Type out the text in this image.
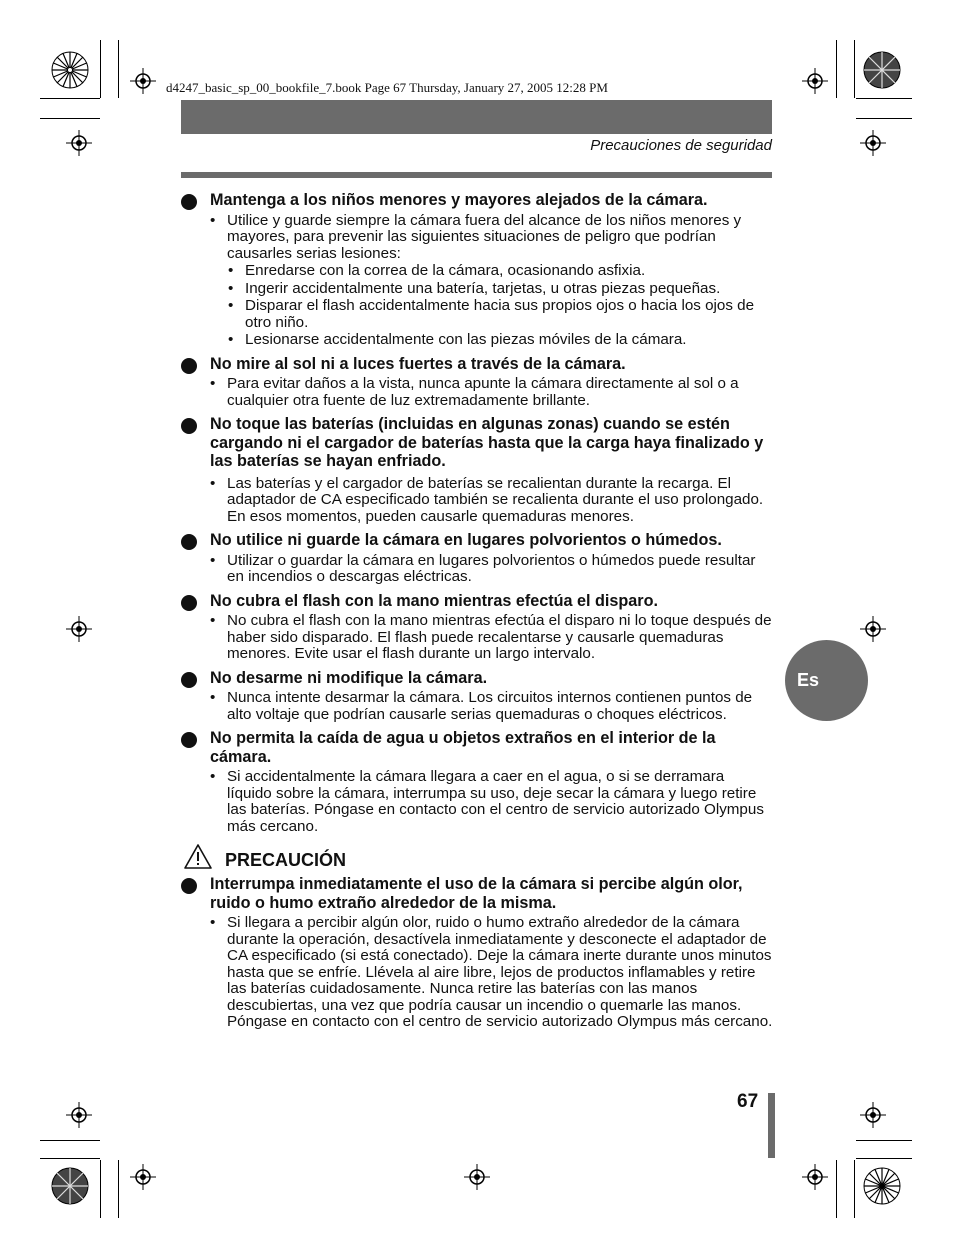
d4247_basic_sp_00_bookfile_7.book Page 67 Thursday, January 27, 2005 12:28 PM
Precauciones de seguridad
Mantenga a los niños menores y mayores alejados de la cámara.
• Utilice y guarde siempre la cámara fuera del alcance de los niños menores y mayores, para prevenir las siguientes situaciones de peligro que podrían causarles serias lesiones:
• Enredarse con la correa de la cámara, ocasionando asfixia.
• Ingerir accidentalmente una batería, tarjetas, u otras piezas pequeñas.
• Disparar el flash accidentalmente hacia sus propios ojos o hacia los ojos de otro niño.
• Lesionarse accidentalmente con las piezas móviles de la cámara.
No mire al sol ni a luces fuertes a través de la cámara.
• Para evitar daños a la vista, nunca apunte la cámara directamente al sol o a cualquier otra fuente de luz extremadamente brillante.
No toque las baterías (incluidas en algunas zonas) cuando se estén cargando ni el cargador de baterías hasta que la carga haya finalizado y las baterías se hayan enfriado.
• Las baterías y el cargador de baterías se recalientan durante la recarga. El adaptador de CA especificado también se recalienta durante el uso prolongado. En esos momentos, pueden causarle quemaduras menores.
No utilice ni guarde la cámara en lugares polvorientos o húmedos.
• Utilizar o guardar la cámara en lugares polvorientos o húmedos puede resultar en incendios o descargas eléctricas.
No cubra el flash con la mano mientras efectúa el disparo.
• No cubra el flash con la mano mientras efectúa el disparo ni lo toque después de haber sido disparado. El flash puede recalentarse y causarle quemaduras menores. Evite usar el flash durante un largo intervalo.
No desarme ni modifique la cámara.
• Nunca intente desarmar la cámara. Los circuitos internos contienen puntos de alto voltaje que podrían causarle serias quemaduras o choques eléctricos.
No permita la caída de agua u objetos extraños en el interior de la cámara.
• Si accidentalmente la cámara llegara a caer en el agua, o si se derramara líquido sobre la cámara, interrumpa su uso, deje secar la cámara y luego retire las baterías. Póngase en contacto con el centro de servicio autorizado Olympus más cercano.
PRECAUCIÓN
Interrumpa inmediatamente el uso de la cámara si percibe algún olor, ruido o humo extraño alrededor de la misma.
• Si llegara a percibir algún olor, ruido o humo extraño alrededor de la cámara durante la operación, desactívela inmediatamente y desconecte el adaptador de CA especificado (si está conectado). Deje la cámara inerte durante unos minutos hasta que se enfríe. Llévela al aire libre, lejos de productos inflamables y retire las baterías cuidadosamente. Nunca retire las baterías con las manos descubiertas, una vez que podría causar un incendio o quemarle las manos. Póngase en contacto con el centro de servicio autorizado Olympus más cercano.
Es
67
